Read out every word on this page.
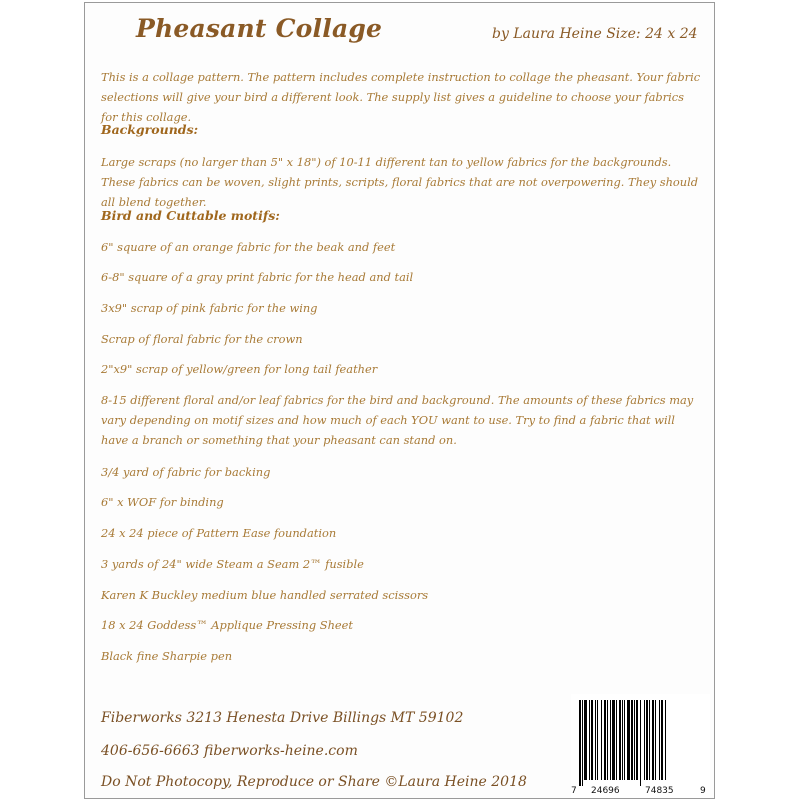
Pheasant Collage	by Laura Heine Size: 24 x 24
This is a collage pattern. The pattern includes complete instruction to collage the pheasant. Your fabric selections will give your bird a different look. The supply list gives a guideline to choose your fabrics for this collage.
Backgrounds:
Large scraps (no larger than 5" x 18") of 10-11 different tan to yellow fabrics for the backgrounds. These fabrics can be woven, slight prints, scripts, floral fabrics that are not overpowering. They should all blend together.
Bird and Cuttable motifs:
6" square of an orange fabric for the beak and feet
6-8" square of a gray print fabric for the head and tail
3x9" scrap of pink fabric for the wing
Scrap of floral fabric for the crown
2"x9" scrap of yellow/green for long tail feather
8-15 different floral and/or leaf fabrics for the bird and background. The amounts of these fabrics may vary depending on motif sizes and how much of each YOU want to use. Try to find a fabric that will have a branch or something that your pheasant can stand on.
3/4 yard of fabric for backing
6" x WOF for binding
24 x 24 piece of Pattern Ease foundation
3 yards of 24" wide Steam a Seam 2™ fusible
Karen K Buckley medium blue handled serrated scissors
18 x 24 Goddess™ Applique Pressing Sheet
Black fine Sharpie pen
Fiberworks 3213 Henesta Drive Billings MT 59102
406-656-6663 fiberworks-heine.com
Do Not Photocopy, Reproduce or Share ©Laura Heine 2018
7 24696	74835	9
